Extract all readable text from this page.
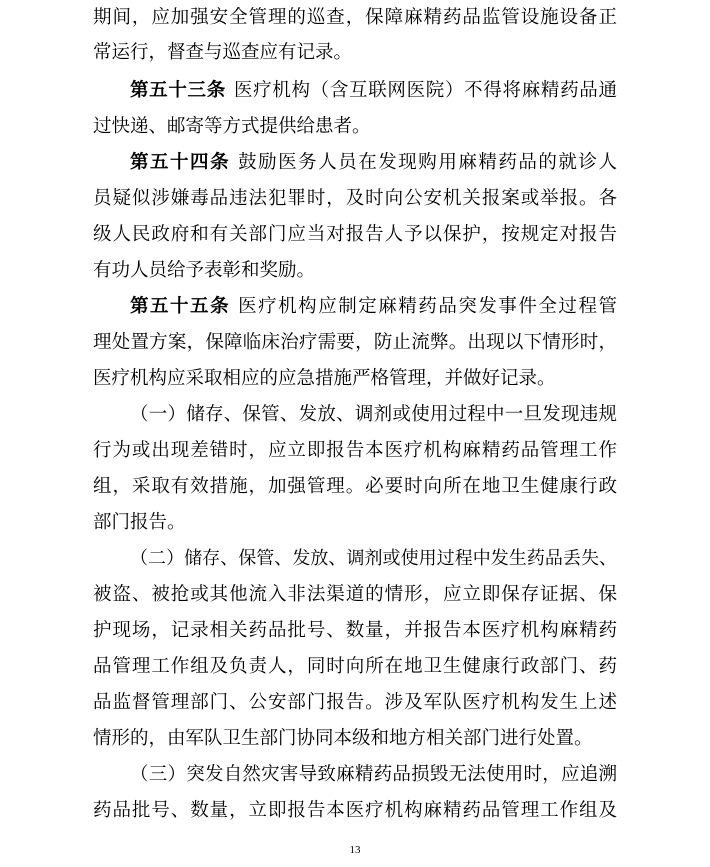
期间，应加强安全管理的巡查，保障麻精药品监管设施设备正
常运行，督查与巡查应有记录。
第五十三条 医疗机构（含互联网医院）不得将麻精药品通
过快递、邮寄等方式提供给患者。
第五十四条 鼓励医务人员在发现购用麻精药品的就诊人
员疑似涉嫌毒品违法犯罪时，及时向公安机关报案或举报。各
级人民政府和有关部门应当对报告人予以保护，按规定对报告
有功人员给予表彰和奖励。
第五十五条 医疗机构应制定麻精药品突发事件全过程管
理处置方案，保障临床治疗需要，防止流弊。出现以下情形时，
医疗机构应采取相应的应急措施严格管理，并做好记录。
（一）储存、保管、发放、调剂或使用过程中一旦发现违规
行为或出现差错时，应立即报告本医疗机构麻精药品管理工作
组，采取有效措施，加强管理。必要时向所在地卫生健康行政
部门报告。
（二）储存、保管、发放、调剂或使用过程中发生药品丢失、
被盗、被抢或其他流入非法渠道的情形，应立即保存证据、保
护现场，记录相关药品批号、数量，并报告本医疗机构麻精药
品管理工作组及负责人，同时向所在地卫生健康行政部门、药
品监督管理部门、公安部门报告。涉及军队医疗机构发生上述
情形的，由军队卫生部门协同本级和地方相关部门进行处置。
（三）突发自然灾害导致麻精药品损毁无法使用时，应追溯
药品批号、数量，立即报告本医疗机构麻精药品管理工作组及
13
